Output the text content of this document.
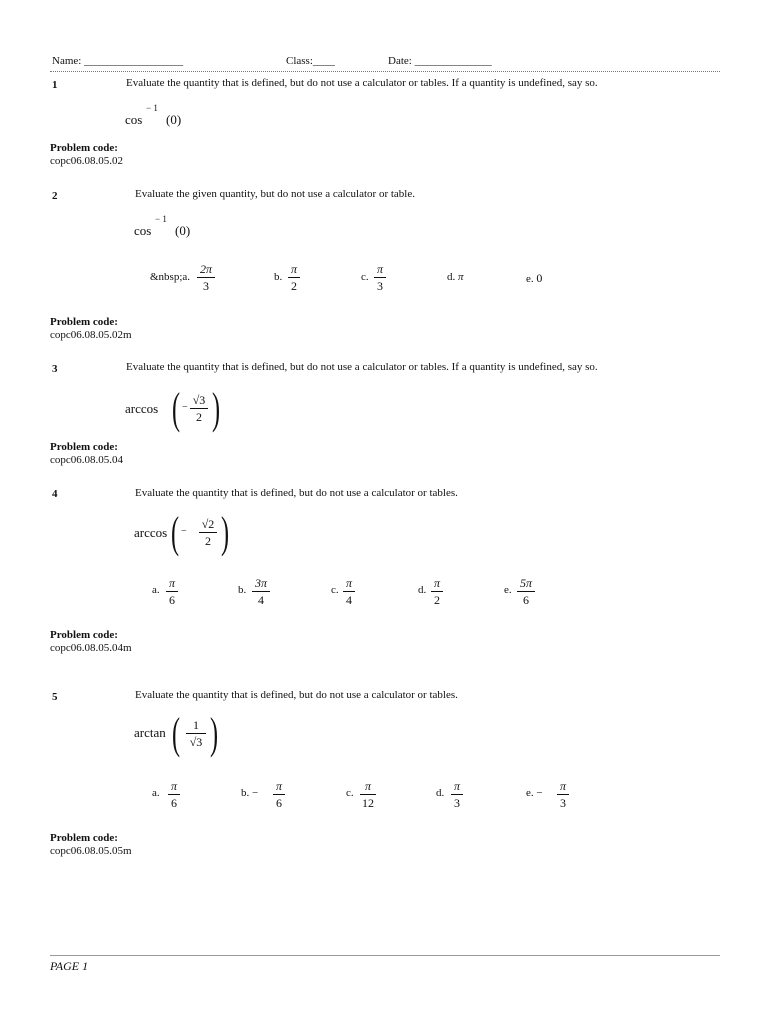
Name: __________________	Class:____	Date: ______________
1	Evaluate the quantity that is defined, but do not use a calculator or tables. If a quantity is undefined, say so.
cos
− 1
(0)
Problem code:
copc06.08.05.02
2	Evaluate the given quantity, but do not use a calculator or table.
cos
− 1
(0)
&nbsp;a.
2π
3
b.
π
2
c.
π
3
d. π	e. 0
Problem code:
copc06.08.05.02m
3	Evaluate the quantity that is defined, but do not use a calculator or tables. If a quantity is undefined, say so.
arccos ( −
√3
2 )
Problem code:
copc06.08.05.04
4	Evaluate the quantity that is defined, but do not use a calculator or tables.
arccos ( −
√2
2 )
a. π
6
b. 3π
4
c. π
4
d. π
2
e. 5π
6
Problem code:
copc06.08.05.04m
5	Evaluate the quantity that is defined, but do not use a calculator or tables.
arctan (	1
√3 )
a. π
6
b. − π
6
c. π
12
d. π
3
e. − π
3
Problem code:
copc06.08.05.05m
PAGE 1
